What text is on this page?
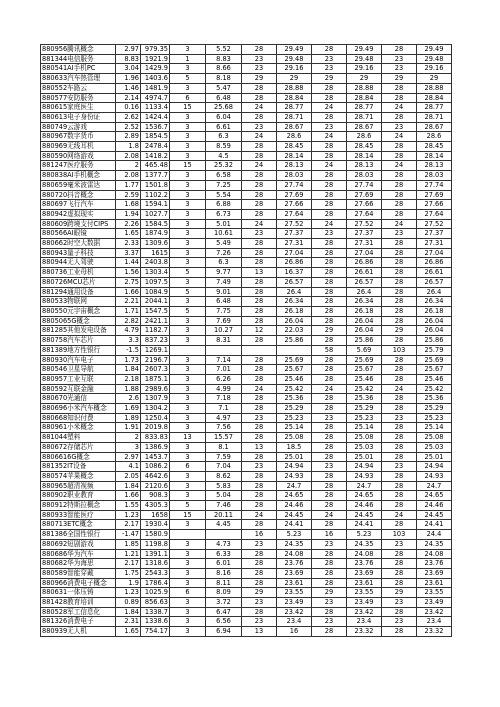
880956腾讯概念	2.97	979.35	3	5.52	28	29.49	28	29.49	28	29.49
881344电信服务	8.83	1921.9	1	8.83	23	29.48	23	29.48	23	29.48
880541AI手机PC	3.04	1429.9	3	8.66	23	29.16	23	29.16	23	29.16
880633汽车热管理	1.96	1403.6	5	8.18	29	29	29	29	29	29
880552车路云	1.46	1481.9	3	5.47	28	28.88	28	28.88	28	28.88
880577安防服务	2.14	4974.7	6	6.48	28	28.84	28	28.84	28	28.84
880615家庭医生	0.16	1133.4	15	25.68	24	28.77	24	28.77	24	28.77
880613电子身份证	2.62	1424.4	3	6.04	28	28.71	28	28.71	28	28.71
880749云游戏	2.52	1536.7	3	6.61	23	28.67	23	28.67	23	28.67
880967数字货币	2.89	1854.5	3	6.3	24	28.6	24	28.6	24	28.6
880969无线耳机	1.8	2478.4	3	8.59	28	28.45	28	28.45	28	28.45
880590网络游戏	2.08	1418.2	3	4.5	28	28.14	28	28.14	28	28.14
881247医疗服务	2	465.48	15	25.32	24	28.13	24	28.13	24	28.13
880838AI手机概念	2.08	1377.7	3	6.58	28	28.03	28	28.03	28	28.03
880659毫米波雷达	1.77	1501.8	3	7.25	28	27.74	28	27.74	28	27.74
880720抖音概念	2.59	1102.2	3	5.54	28	27.69	28	27.69	28	27.69
880697飞行汽车	1.68	1594.1	3	6.88	28	27.66	28	27.66	28	27.66
880942虚拟现实	1.94	1027.7	3	6.73	28	27.64	28	27.64	28	27.64
880609跨境支付CIPS	2.26	1584.5	3	5.01	24	27.52	24	27.52	24	27.52
880566AI眼镜	1.65	1874.9	3	10.61	23	27.37	23	27.37	23	27.37
880662时空大数据	2.33	1309.6	3	5.49	28	27.31	28	27.31	28	27.31
880943量子科技	3.37	1615	3	7.26	28	27.04	28	27.04	28	27.04
880944无人驾驶	1.44	2403.8	3	6.3	28	26.86	28	26.86	28	26.86
880736工业母机	1.56	1303.4	5	9.77	13	16.37	28	26.61	28	26.61
880726MCU芯片	2.75	1097.5	3	7.49	28	26.57	28	26.57	28	26.57
881294通用设备	1.66	1084.9	5	9.01	28	26.4	28	26.4	28	26.4
880533物联网	2.21	2044.1	3	6.48	28	26.34	28	26.34	28	26.34
880550元宇宙概念	1.71	1547.5	5	7.75	28	26.18	28	26.18	28	26.18
8805065G概念	2.82	2421.1	3	7.69	28	26.04	28	26.04	28	26.04
881285其他发电设备	4.79	1182.7	3	10.27	12	22.03	29	26.04	29	26.04
880758汽车芯片	3.3	837.23	3	8.31	28	25.86	28	25.86	28	25.86
881389地方性银行	-1.5	1269.1					58	5.69	103	25.79
880930汽车电子	1.73	2196.7	3	7.14	28	25.69	28	25.69	28	25.69
880546卫星导航	1.84	2607.3	3	7.01	28	25.67	28	25.67	28	25.67
880957工业互联	2.18	1875.1	3	6.26	28	25.46	28	25.46	28	25.46
880592互联金融	1.88	2989.6	3	4.99	24	25.42	24	25.42	24	25.42
880670光通信	2.6	1307.9	3	7.18	28	25.36	28	25.36	28	25.36
880696小米汽车概念	1.69	1304.2	3	7.1	28	25.29	28	25.29	28	25.29
880668知识付费	1.89	1250.4	3	4.97	23	25.23	23	25.23	23	25.23
880961小米概念	1.91	2019.8	3	7.56	28	25.14	28	25.14	28	25.14
881044塑料	2	833.83	13	15.57	28	25.08	28	25.08	28	25.08
880672存储芯片	3	1386.9	3	8.1	13	18.5	28	25.03	28	25.03
8806616G概念	2.97	1453.7	3	7.59	28	25.01	28	25.01	28	25.01
881352IT设备	4.1	1086.2	6	7.04	23	24.94	23	24.94	23	24.94
880574苹果概念	2.05	4642.6	3	8.62	28	24.93	28	24.93	28	24.93
880965超清视频	1.84	2120.6	3	5.83	28	24.7	28	24.7	28	24.7
880902职业教育	1.66	908.3	3	5.04	28	24.65	28	24.65	28	24.65
880912特斯拉概念	1.55	4305.3	5	7.46	28	24.46	28	24.46	28	24.46
880933智能医疗	1.23	1658	15	20.11	24	24.45	24	24.45	24	24.45
880713ETC概念	2.17	1930.4	3	4.45	28	24.41	28	24.41	28	24.41
881386全国性银行	-1.47	1580.9			16	5.23	16	5.23	103	24.4
880692短剧游戏	1.85	1198.8	3	4.73	23	24.35	23	24.35	23	24.35
880686华为汽车	1.21	1391.1	3	6.33	28	24.08	28	24.08	28	24.08
880682华为海思	2.17	1318.6	3	6.01	28	23.76	28	23.76	28	23.76
880589智能穿戴	1.75	2543.3	3	8.16	28	23.69	28	23.69	28	23.69
880966消费电子概念	1.9	1786.4	3	8.11	28	23.61	28	23.61	28	23.61
880631一体压铸	1.23	1025.9	6	8.09	29	23.55	29	23.55	29	23.55
881428教育培训	0.89	856.63	3	3.72	23	23.49	23	23.49	23	23.49
880528军工信息化	1.84	1338.7	3	6.47	28	23.42	28	23.42	28	23.42
881326消费电子	2.31	1338.6	3	6.56	23	23.4	23	23.4	23	23.4
880939无人机	1.65	754.17	3	6.94	13	16	28	23.32	28	23.32
